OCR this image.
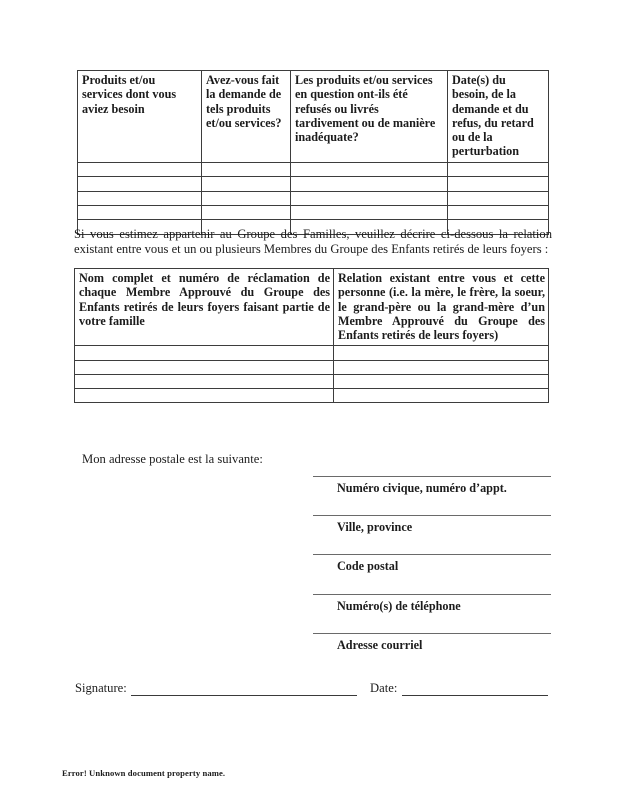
Produits et/ou services dont vous aviez besoin	Avez-vous fait la demande de tels produits et/ou services?	Les produits et/ou services en question ont-ils été refusés ou livrés tardivement ou de manière inadéquate?	Date(s) du besoin, de la demande et du refus, du retard ou de la perturbation

Si vous estimez appartenir au Groupe des Familles, veuillez décrire ci-dessous la relation existant entre vous et un ou plusieurs Membres du Groupe des Enfants retirés de leurs foyers :

Nom complet et numéro de réclamation de chaque Membre Approuvé du Groupe des Enfants retirés de leurs foyers faisant partie de votre famille	Relation existant entre vous et cette personne (i.e. la mère, le frère, la soeur, le grand-père ou la grand-mère d’un Membre Approuvé du Groupe des Enfants retirés de leurs foyers)

Mon adresse postale est la suivante:
Numéro civique, numéro d’appt.
Ville, province
Code postal
Numéro(s) de téléphone
Adresse courriel
Signature:	Date:
Error! Unknown document property name.
